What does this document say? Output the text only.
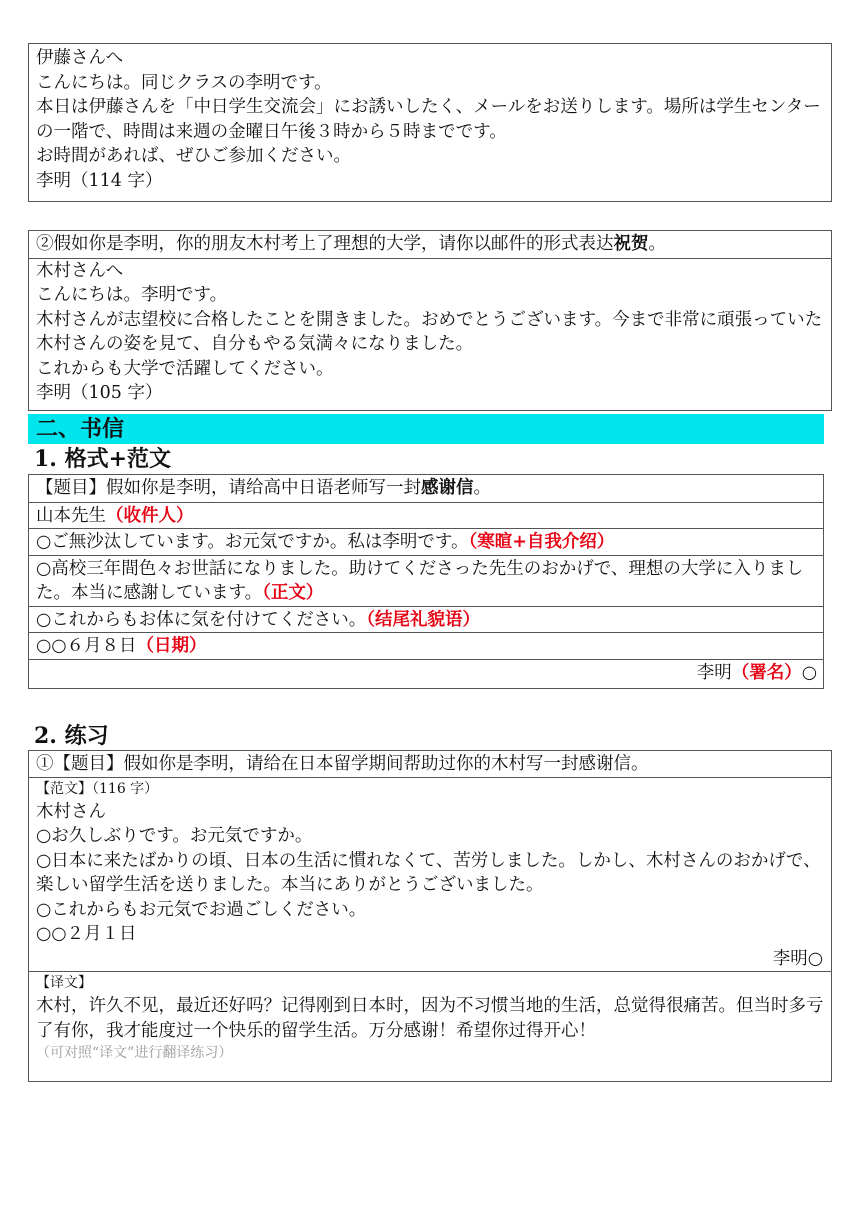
伊藤さんへ
こんにちは。同じクラスの李明です。
本日は伊藤さんを「中日学生交流会」にお誘いしたく、メールをお送りします。場所は学生センターの一階で、時間は来週の金曜日午後３時から５時までです。
お時間があれば、ぜひご参加ください。
李明（114 字）
②假如你是李明，你的朋友木村考上了理想的大学，请你以邮件的形式表达祝贺。
木村さんへ
こんにちは。李明です。
木村さんが志望校に合格したことを開きました。おめでとうございます。今まで非常に頑張っていた木村さんの姿を見て、自分もやる気満々になりました。
これからも大学で活躍してください。
李明（105 字）
二、书信
1. 格式+范文
【题目】假如你是李明，请给高中日语老师写一封感谢信。
山本先生（收件人）
○ご無沙汰しています。お元気ですか。私は李明です。（寒暄+自我介绍）
○高校三年間色々お世話になりました。助けてくださった先生のおかげで、理想の大学に入りました。本当に感謝しています。（正文）
○これからもお体に気を付けてください。（结尾礼貌语）
○○６月８日（日期）
李明（署名）○
2. 练习
①【题目】假如你是李明，请给在日本留学期间帮助过你的木村写一封感谢信。
【范文】（116 字）
木村さん
○お久しぶりです。お元気ですか。
○日本に来たばかりの頃、日本の生活に慣れなくて、苦労しました。しかし、木村さんのおかげで、楽しい留学生活を送りました。本当にありがとうございました。
○これからもお元気でお過ごしください。
○○２月１日
李明○
【译文】
木村，许久不见，最近还好吗？记得刚到日本时，因为不习惯当地的生活，总觉得很痛苦。但当时多亏了有你，我才能度过一个快乐的留学生活。万分感谢！希望你过得开心！
（可对照“译文”进行翻译练习）
